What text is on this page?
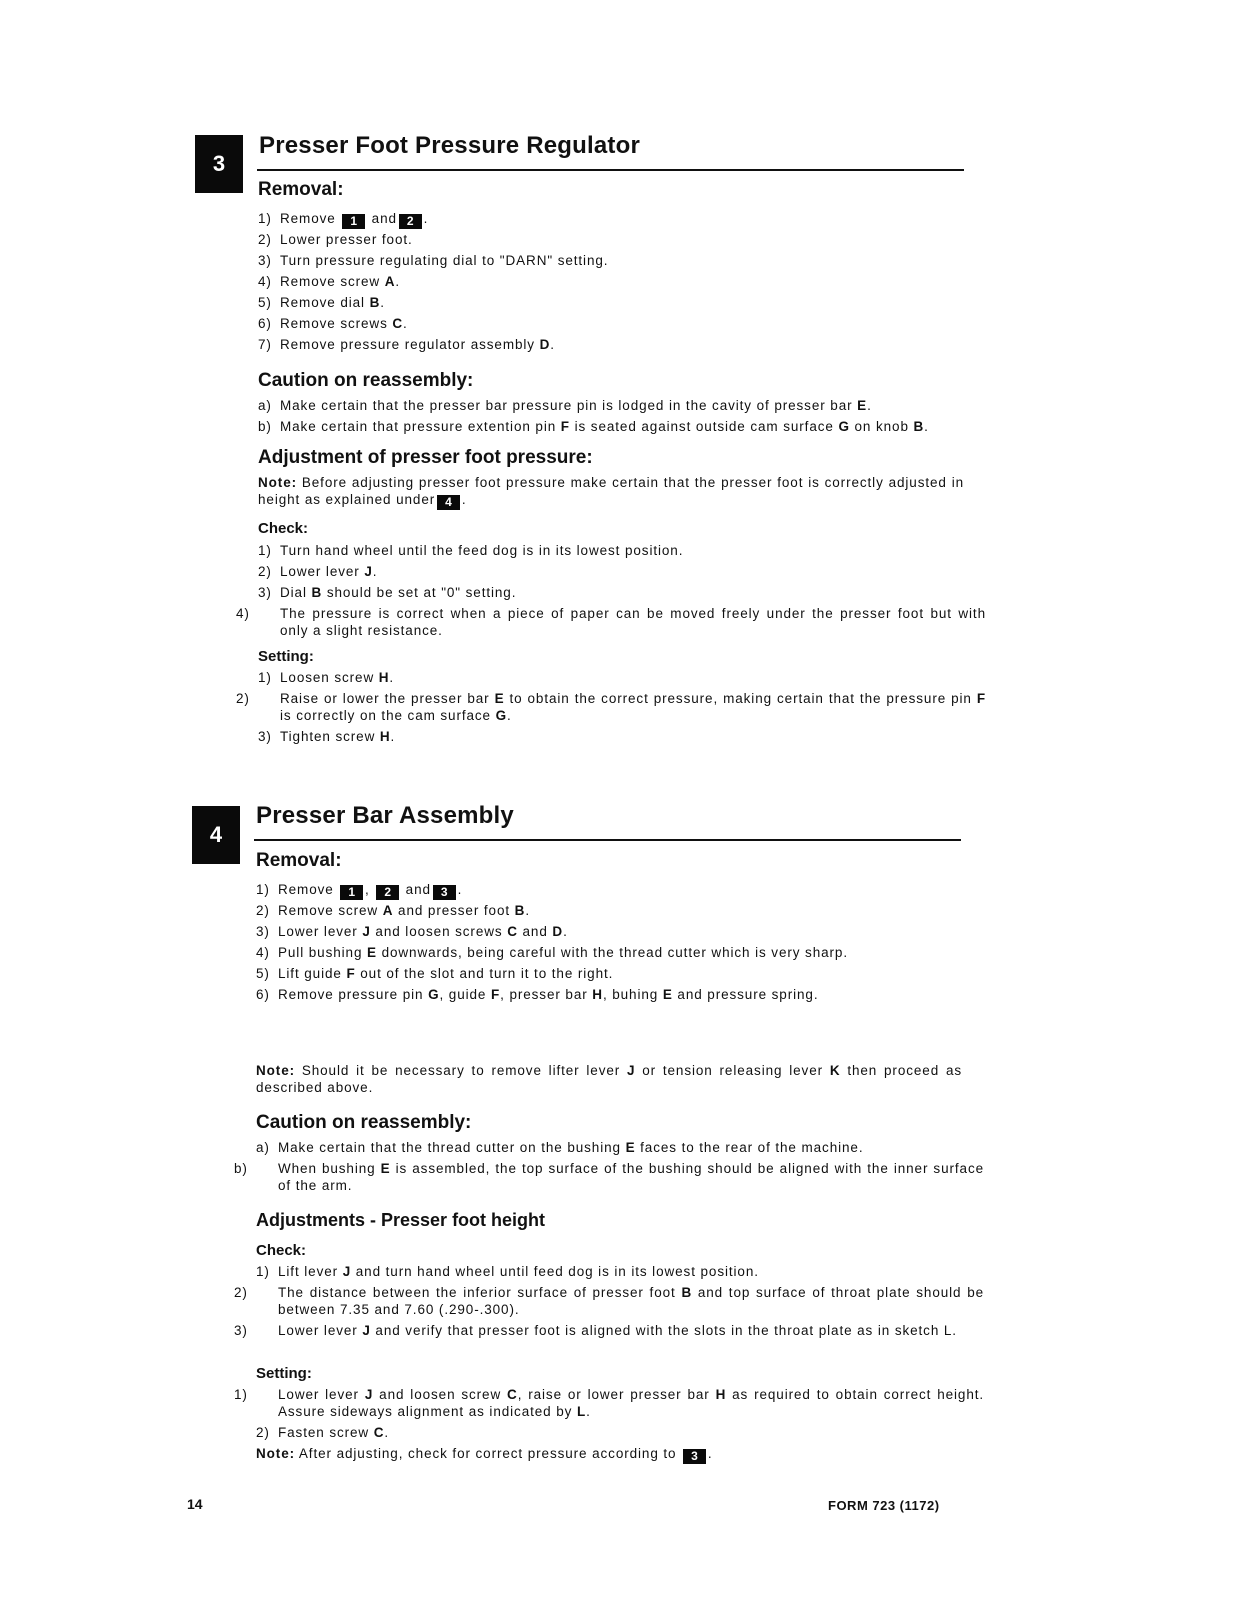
3
Presser Foot Pressure Regulator
Removal:
1) Remove 1 and 2 .
2) Lower presser foot.
3) Turn pressure regulating dial to "DARN" setting.
4) Remove screw A.
5) Remove dial B.
6) Remove screws C.
7) Remove pressure regulator assembly D.
Caution on reassembly:
a) Make certain that the presser bar pressure pin is lodged in the cavity of presser bar E.
b) Make certain that pressure extention pin F is seated against outside cam surface G on knob B.
Adjustment of presser foot pressure:
Note: Before adjusting presser foot pressure make certain that the presser foot is correctly adjusted in height as explained under 4 .
Check:
1) Turn hand wheel until the feed dog is in its lowest position.
2) Lower lever J.
3) Dial B should be set at "0" setting.
4) The pressure is correct when a piece of paper can be moved freely under the presser foot but with only a slight resistance.
Setting:
1) Loosen screw H.
2) Raise or lower the presser bar E to obtain the correct pressure, making certain that the pressure pin F is correctly on the cam surface G.
3) Tighten screw H.
4
Presser Bar Assembly
Removal:
1) Remove 1 , 2 and 3 .
2) Remove screw A and presser foot B.
3) Lower lever J and loosen screws C and D.
4) Pull bushing E downwards, being careful with the thread cutter which is very sharp.
5) Lift guide F out of the slot and turn it to the right.
6) Remove pressure pin G, guide F, presser bar H, buhing E and pressure spring.
Note: Should it be necessary to remove lifter lever J or tension releasing lever K then proceed as described above.
Caution on reassembly:
a) Make certain that the thread cutter on the bushing E faces to the rear of the machine.
b) When bushing E is assembled, the top surface of the bushing should be aligned with the inner surface of the arm.
Adjustments - Presser foot height
Check:
1) Lift lever J and turn hand wheel until feed dog is in its lowest position.
2) The distance between the inferior surface of presser foot B and top surface of throat plate should be between 7.35 and 7.60 (.290-.300).
3) Lower lever J and verify that presser foot is aligned with the slots in the throat plate as in sketch L.
Setting:
1) Lower lever J and loosen screw C, raise or lower presser bar H as required to obtain correct height. Assure sideways alignment as indicated by L.
2) Fasten screw C.
Note: After adjusting, check for correct pressure according to 3 .
14	FORM 723 (1172)
